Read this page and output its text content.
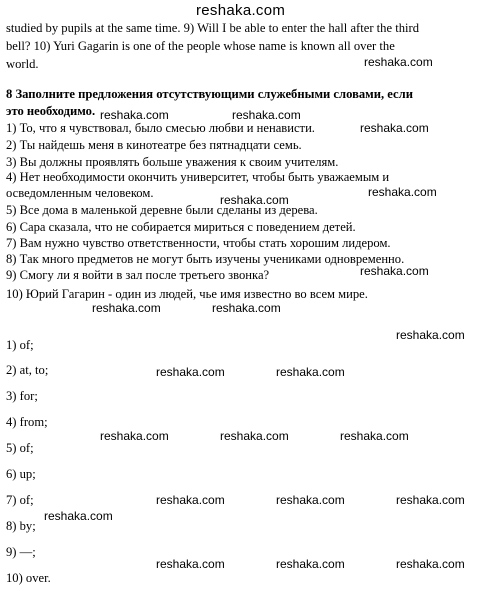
reshaka.com
studied by pupils at the same time. 9) Will I be able to enter the hall after the third
bell? 10) Yuri Gagarin is one of the people whose name is known all over the
world.
8 Заполните предложения отсутствующими служебными словами, если
это необходимо.
1) То, что я чувствовал, было смесью любви и ненависти.
2) Ты найдешь меня в кинотеатре без пятнадцати семь.
3) Вы должны проявлять больше уважения к своим учителям.
4) Нет необходимости окончить университет, чтобы быть уважаемым и
осведомленным человеком.
5) Все дома в маленькой деревне были сделаны из дерева.
6) Сара сказала, что не собирается мириться с поведением детей.
7) Вам нужно чувство ответственности, чтобы стать хорошим лидером.
8) Так много предметов не могут быть изучены учениками одновременно.
9) Смогу ли я войти в зал после третьего звонка?
10) Юрий Гагарин - один из людей, чье имя известно во всем мире.
1) of;
2) at, to;
3) for;
4) from;
5) of;
6) up;
7) of;
8) by;
9) —;
10) over.
reshaka.com
reshaka.com	reshaka.com
reshaka.com
reshaka.com
reshaka.com
reshaka.com
reshaka.com	reshaka.com
reshaka.com
reshaka.com	reshaka.com
reshaka.com	reshaka.com	reshaka.com
reshaka.com	reshaka.com	reshaka.com
reshaka.com
reshaka.com	reshaka.com	reshaka.com
